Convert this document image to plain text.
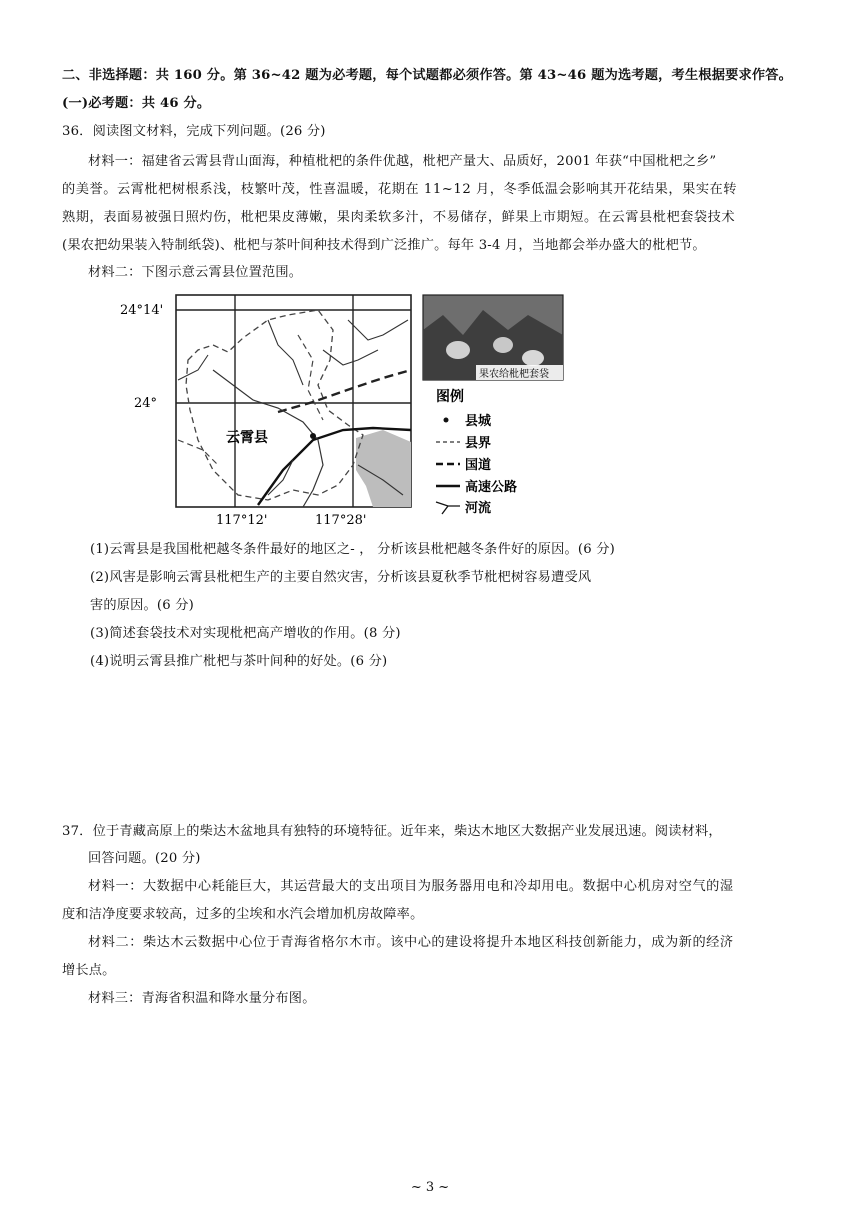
二、非选择题：共 160 分。第 36~42 题为必考题，每个试题都必须作答。第 43~46 题为选考题，考生根据要求作答。
(一)必考题：共 46 分。
36．阅读图文材料，完成下列问题。(26 分)
材料一：福建省云霄县背山面海，种植枇杷的条件优越，枇杷产量大、品质好，2001 年获“中国枇杷之乡”
的美誉。云霄枇杷树根系浅，枝繁叶茂，性喜温暖，花期在 11~12 月，冬季低温会影响其开花结果，果实在转
熟期，表面易被强日照灼伤，枇杷果皮薄嫩，果肉柔软多汁，不易储存，鲜果上市期短。在云霄县枇杷套袋技术
(果农把幼果装入特制纸袋)、枇杷与茶叶间种技术得到广泛推广。每年 3-4 月，当地都会举办盛大的枇杷节。
材料二：下图示意云霄县位置范围。
24°14'
24°
117°12'	117°28'
云霄县
果农给枇杷套袋
图例
县城
县界
国道
高速公路
河流
(1)云霄县是我国枇杷越冬条件最好的地区之- ， 分析该县枇杷越冬条件好的原因。(6 分)
(2)风害是影响云霄县枇杷生产的主要自然灾害，分析该县夏秋季节枇杷树容易遭受风
害的原因。(6 分)
(3)简述套袋技术对实现枇杷高产增收的作用。(8 分)
(4)说明云霄县推广枇杷与茶叶间种的好处。(6 分)
37．位于青藏高原上的柴达木盆地具有独特的环境特征。近年来，柴达木地区大数据产业发展迅速。阅读材料，
回答问题。(20 分)
材料一：大数据中心耗能巨大，其运营最大的支出项目为服务器用电和冷却用电。数据中心机房对空气的湿
度和洁净度要求较高，过多的尘埃和水汽会增加机房故障率。
材料二：柴达木云数据中心位于青海省格尔木市。该中心的建设将提升本地区科技创新能力，成为新的经济
增长点。
材料三：青海省积温和降水量分布图。
~ 3 ~
